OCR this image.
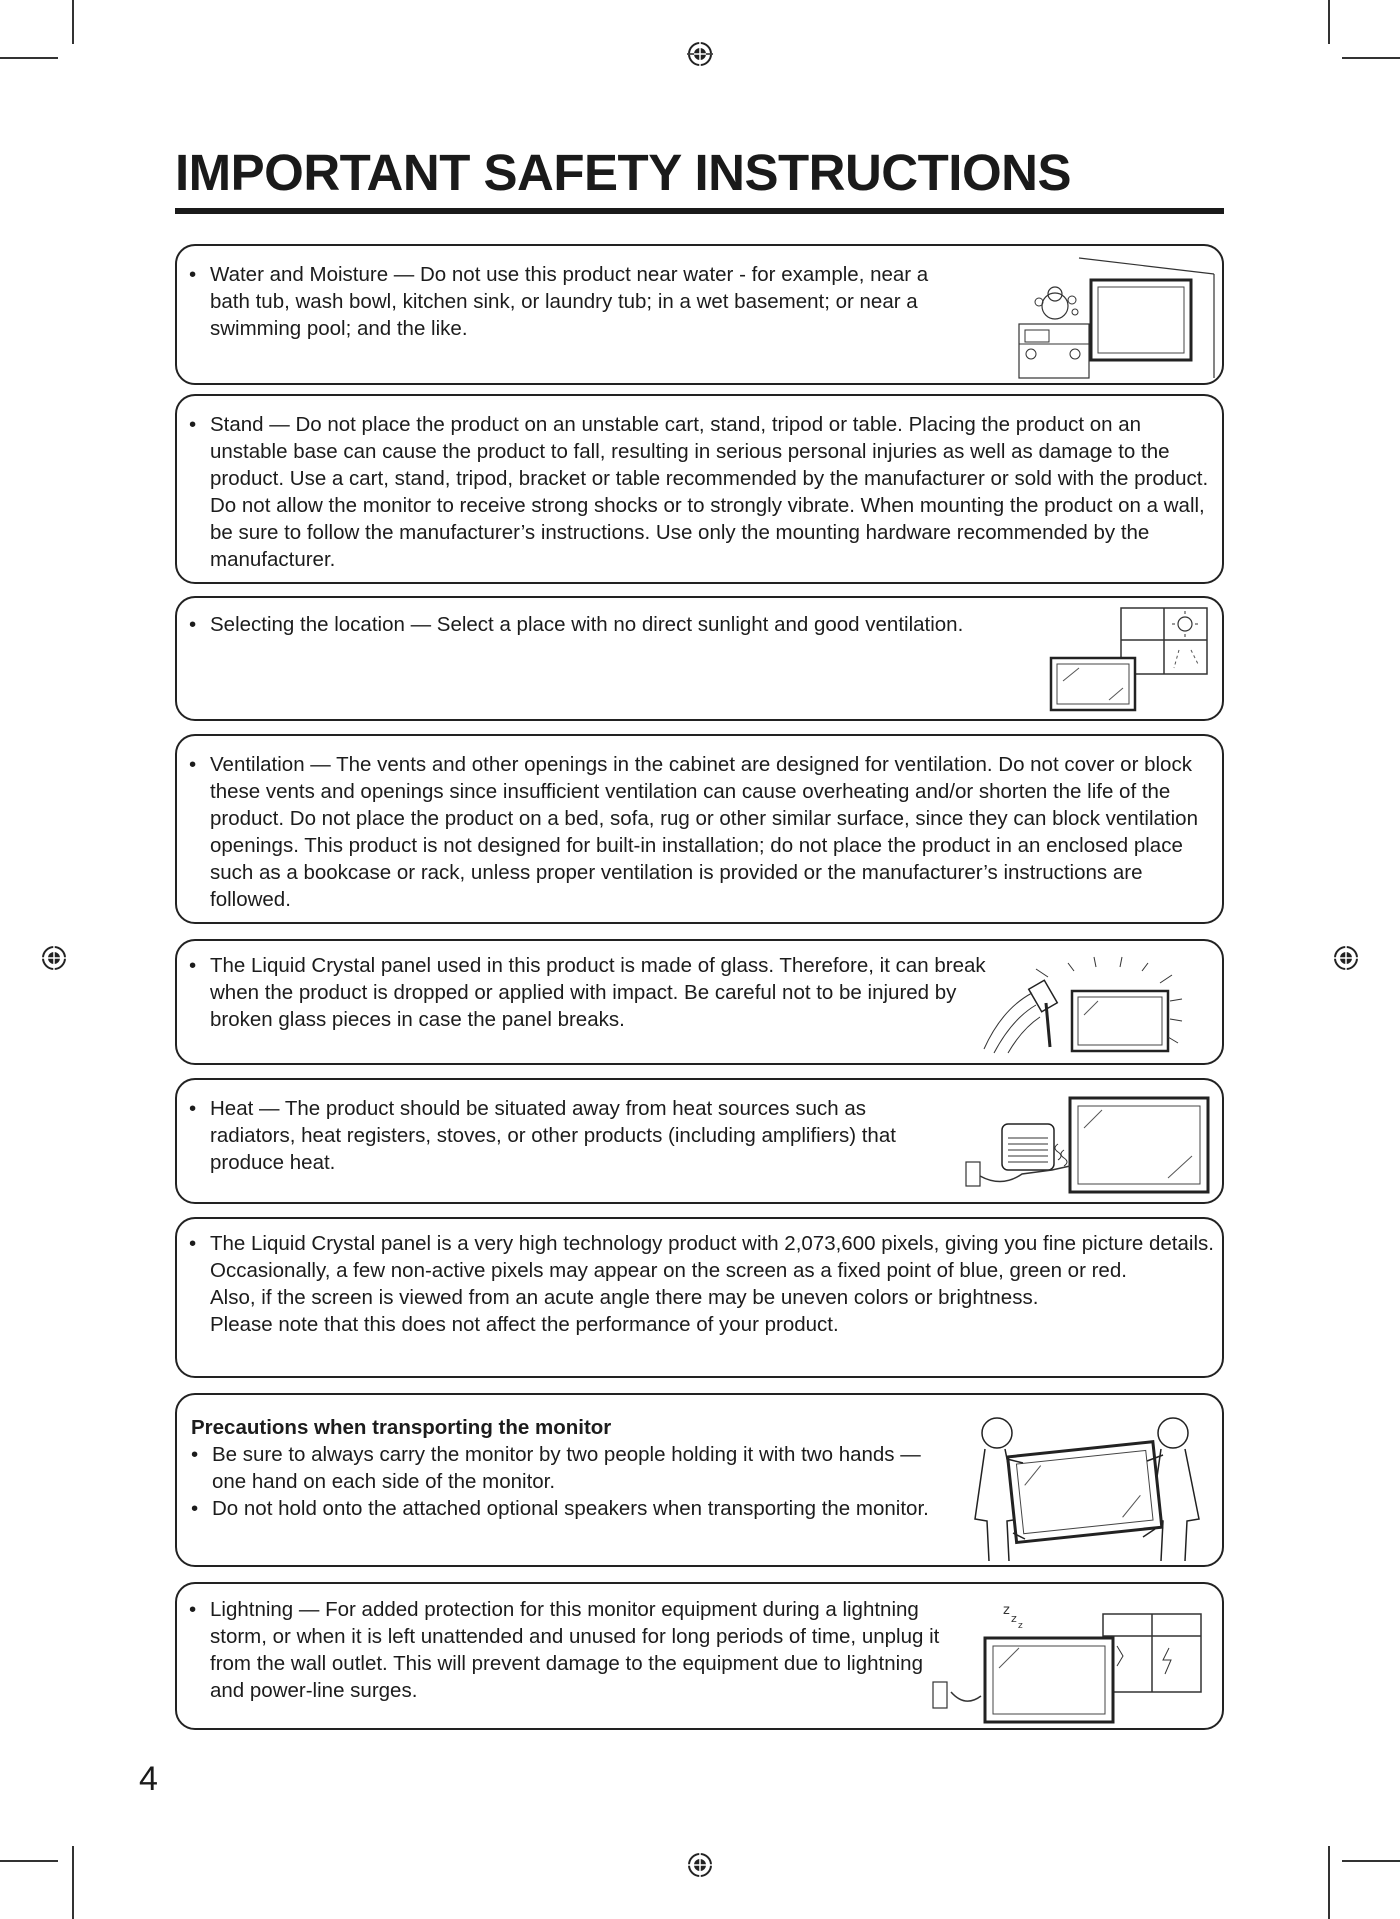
IMPORTANT SAFETY INSTRUCTIONS
• Water and Moisture — Do not use this product near water - for example, near a bath tub, wash bowl, kitchen sink, or laundry tub; in a wet basement; or near a swimming pool; and the like.
• Stand — Do not place the product on an unstable cart, stand, tripod or table. Placing the product on an unstable base can cause the product to fall, resulting in serious personal injuries as well as damage to the product. Use a cart, stand, tripod, bracket or table recommended by the manufacturer or sold with the product. Do not allow the monitor to receive strong shocks or to strongly vibrate. When mounting the product on a wall, be sure to follow the manufacturer’s instructions. Use only the mounting hardware recommended by the manufacturer.
• Selecting the location — Select a place with no direct sunlight and good ventilation.
• Ventilation — The vents and other openings in the cabinet are designed for ventilation. Do not cover or block these vents and openings since insufficient ventilation can cause overheating and/or shorten the life of the product. Do not place the product on a bed, sofa, rug or other similar surface, since they can block ventilation openings. This product is not designed for built-in installation; do not place the product in an enclosed place such as a bookcase or rack, unless proper ventilation is provided or the manufacturer’s instructions are followed.
• The Liquid Crystal panel used in this product is made of glass. Therefore, it can break when the product is dropped or applied with impact. Be careful not to be injured by broken glass pieces in case the panel breaks.
• Heat — The product should be situated away from heat sources such as radiators, heat registers, stoves, or other products (including amplifiers) that produce heat.

• The Liquid Crystal panel is a very high technology product with 2,073,600 pixels, giving you fine picture details.

Occasionally, a few non-active pixels may appear on the screen as a fixed point of blue, green or red.

Also, if the screen is viewed from an acute angle there may be uneven colors or brightness.

Please note that this does not affect the performance of your product.

Precautions when transporting the monitor

• Be sure to always carry the monitor by two people holding it with two hands — one hand on each side of the monitor.
• Do not hold onto the attached optional speakers when transporting the monitor.
• Lightning — For added protection for this monitor equipment during a lightning storm, or when it is left unattended and unused for long periods of time, unplug it from the wall outlet. This will prevent damage to the equipment due to lightning and power-line surges.
z
z
z
4
